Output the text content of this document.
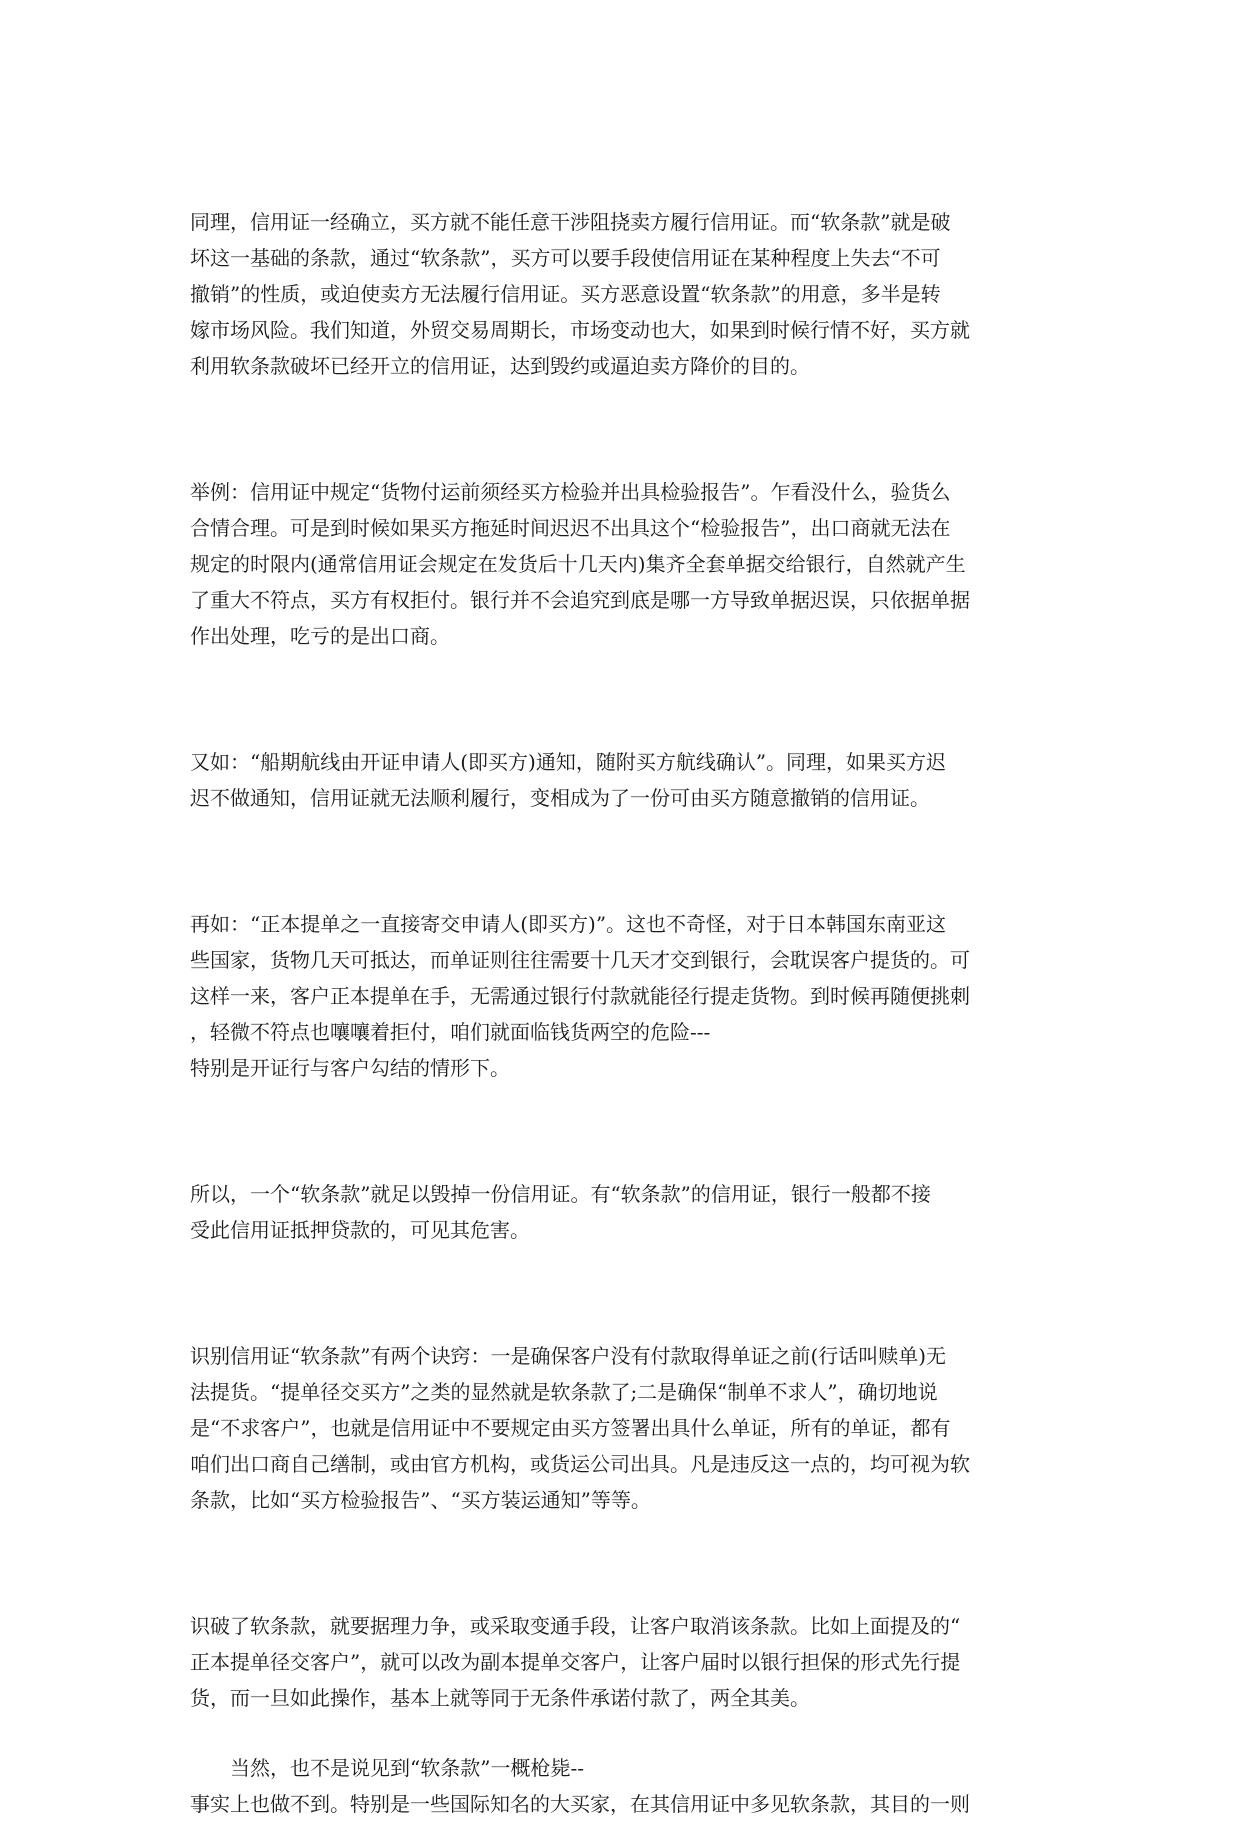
同理，信用证一经确立，买方就不能任意干涉阻挠卖方履行信用证。而“软条款”就是破
坏这一基础的条款，通过“软条款”，买方可以要手段使信用证在某种程度上失去“不可
撤销”的性质，或迫使卖方无法履行信用证。买方恶意设置“软条款”的用意，多半是转
嫁市场风险。我们知道，外贸交易周期长，市场变动也大，如果到时候行情不好，买方就
利用软条款破坏已经开立的信用证，达到毁约或逼迫卖方降价的目的。
举例：信用证中规定“货物付运前须经买方检验并出具检验报告”。乍看没什么，验货么
合情合理。可是到时候如果买方拖延时间迟迟不出具这个“检验报告”，出口商就无法在
规定的时限内(通常信用证会规定在发货后十几天内)集齐全套单据交给银行，自然就产生
了重大不符点，买方有权拒付。银行并不会追究到底是哪一方导致单据迟误，只依据单据
作出处理，吃亏的是出口商。
又如：“船期航线由开证申请人(即买方)通知，随附买方航线确认”。同理，如果买方迟
迟不做通知，信用证就无法顺利履行，变相成为了一份可由买方随意撤销的信用证。
再如：“正本提单之一直接寄交申请人(即买方)”。这也不奇怪，对于日本韩国东南亚这
些国家，货物几天可抵达，而单证则往往需要十几天才交到银行，会耽误客户提货的。可
这样一来，客户正本提单在手，无需通过银行付款就能径行提走货物。到时候再随便挑刺
，轻微不符点也嚷嚷着拒付，咱们就面临钱货两空的危险---
特别是开证行与客户勾结的情形下。
所以，一个“软条款”就足以毁掉一份信用证。有“软条款”的信用证，银行一般都不接
受此信用证抵押贷款的，可见其危害。
识别信用证“软条款”有两个诀窍：一是确保客户没有付款取得单证之前(行话叫赎单)无
法提货。“提单径交买方”之类的显然就是软条款了;二是确保“制单不求人”，确切地说
是“不求客户”，也就是信用证中不要规定由买方签署出具什么单证，所有的单证，都有
咱们出口商自己缮制，或由官方机构，或货运公司出具。凡是违反这一点的，均可视为软
条款，比如“买方检验报告”、“买方装运通知”等等。
识破了软条款，就要据理力争，或采取变通手段，让客户取消该条款。比如上面提及的“
正本提单径交客户”，就可以改为副本提单交客户，让客户届时以银行担保的形式先行提
货，而一旦如此操作，基本上就等同于无条件承诺付款了，两全其美。
当然，也不是说见到“软条款”一概枪毙--
事实上也做不到。特别是一些国际知名的大买家，在其信用证中多见软条款，其目的一则
